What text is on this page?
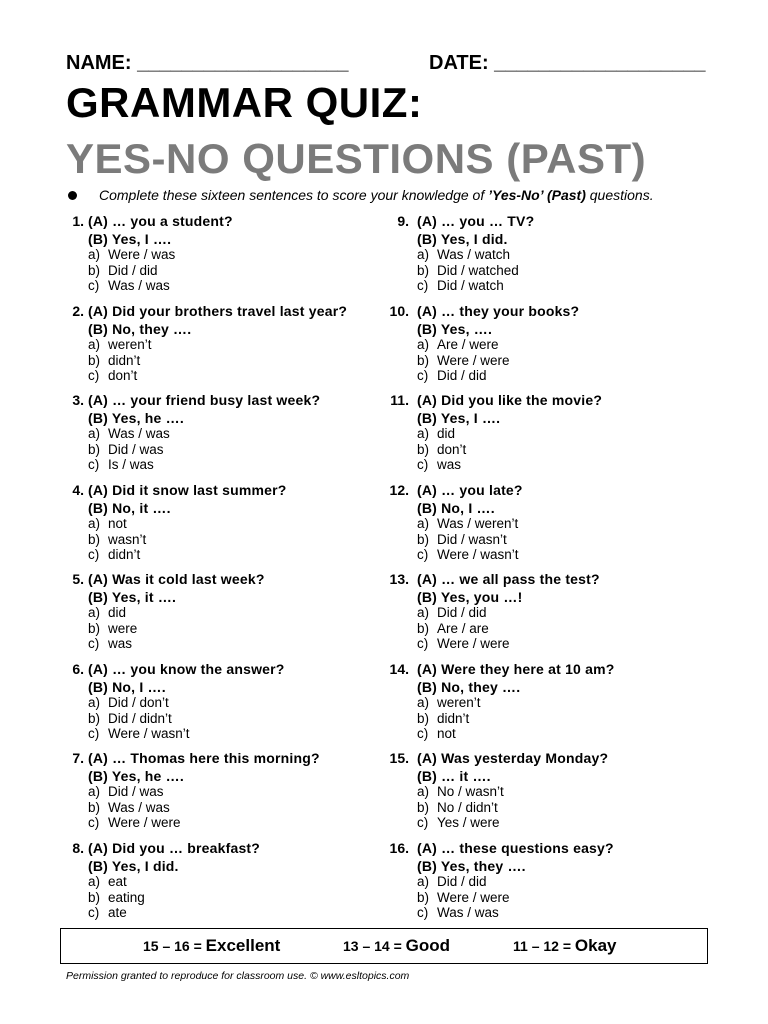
NAME: ___________________	DATE: ___________________
GRAMMAR QUIZ:
YES-NO QUESTIONS (PAST)
Complete these sixteen sentences to score your knowledge of ’Yes-No’ (Past) questions.
1. (A) … you a student?
(B) Yes, I ….
a) Were / was
b) Did / did
c) Was / was
2. (A) Did your brothers travel last year?
(B) No, they ….
a) weren’t
b) didn’t
c) don’t
3. (A) … your friend busy last week?
(B) Yes, he ….
a) Was / was
b) Did / was
c) Is / was
4. (A) Did it snow last summer?
(B) No, it ….
a) not
b) wasn’t
c) didn’t
5. (A) Was it cold last week?
(B) Yes, it ….
a) did
b) were
c) was
6. (A) … you know the answer?
(B) No, I ….
a) Did / don’t
b) Did / didn’t
c) Were / wasn’t
7. (A) … Thomas here this morning?
(B) Yes, he ….
a) Did / was
b) Was / was
c) Were / were
8. (A) Did you … breakfast?
(B) Yes, I did.
a) eat
b) eating
c) ate
9. (A) … you … TV?
(B) Yes, I did.
a) Was / watch
b) Did / watched
c) Did / watch
10. (A) … they your books?
(B) Yes, ….
a) Are / were
b) Were / were
c) Did / did
11. (A) Did you like the movie?
(B) Yes, I ….
a) did
b) don’t
c) was
12. (A) … you late?
(B) No, I ….
a) Was / weren’t
b) Did / wasn’t
c) Were / wasn’t
13. (A) … we all pass the test?
(B) Yes, you …!
a) Did / did
b) Are / are
c) Were / were
14. (A) Were they here at 10 am?
(B) No, they ….
a) weren’t
b) didn’t
c) not
15. (A) Was yesterday Monday?
(B) … it ….
a) No / wasn’t
b) No / didn’t
c) Yes / were
16. (A) … these questions easy?
(B) Yes, they ….
a) Did / did
b) Were / were
c) Was / was
15 – 16 = Excellent	13 – 14 = Good	11 – 12 = Okay
Permission granted to reproduce for classroom use. © www.esltopics.com
